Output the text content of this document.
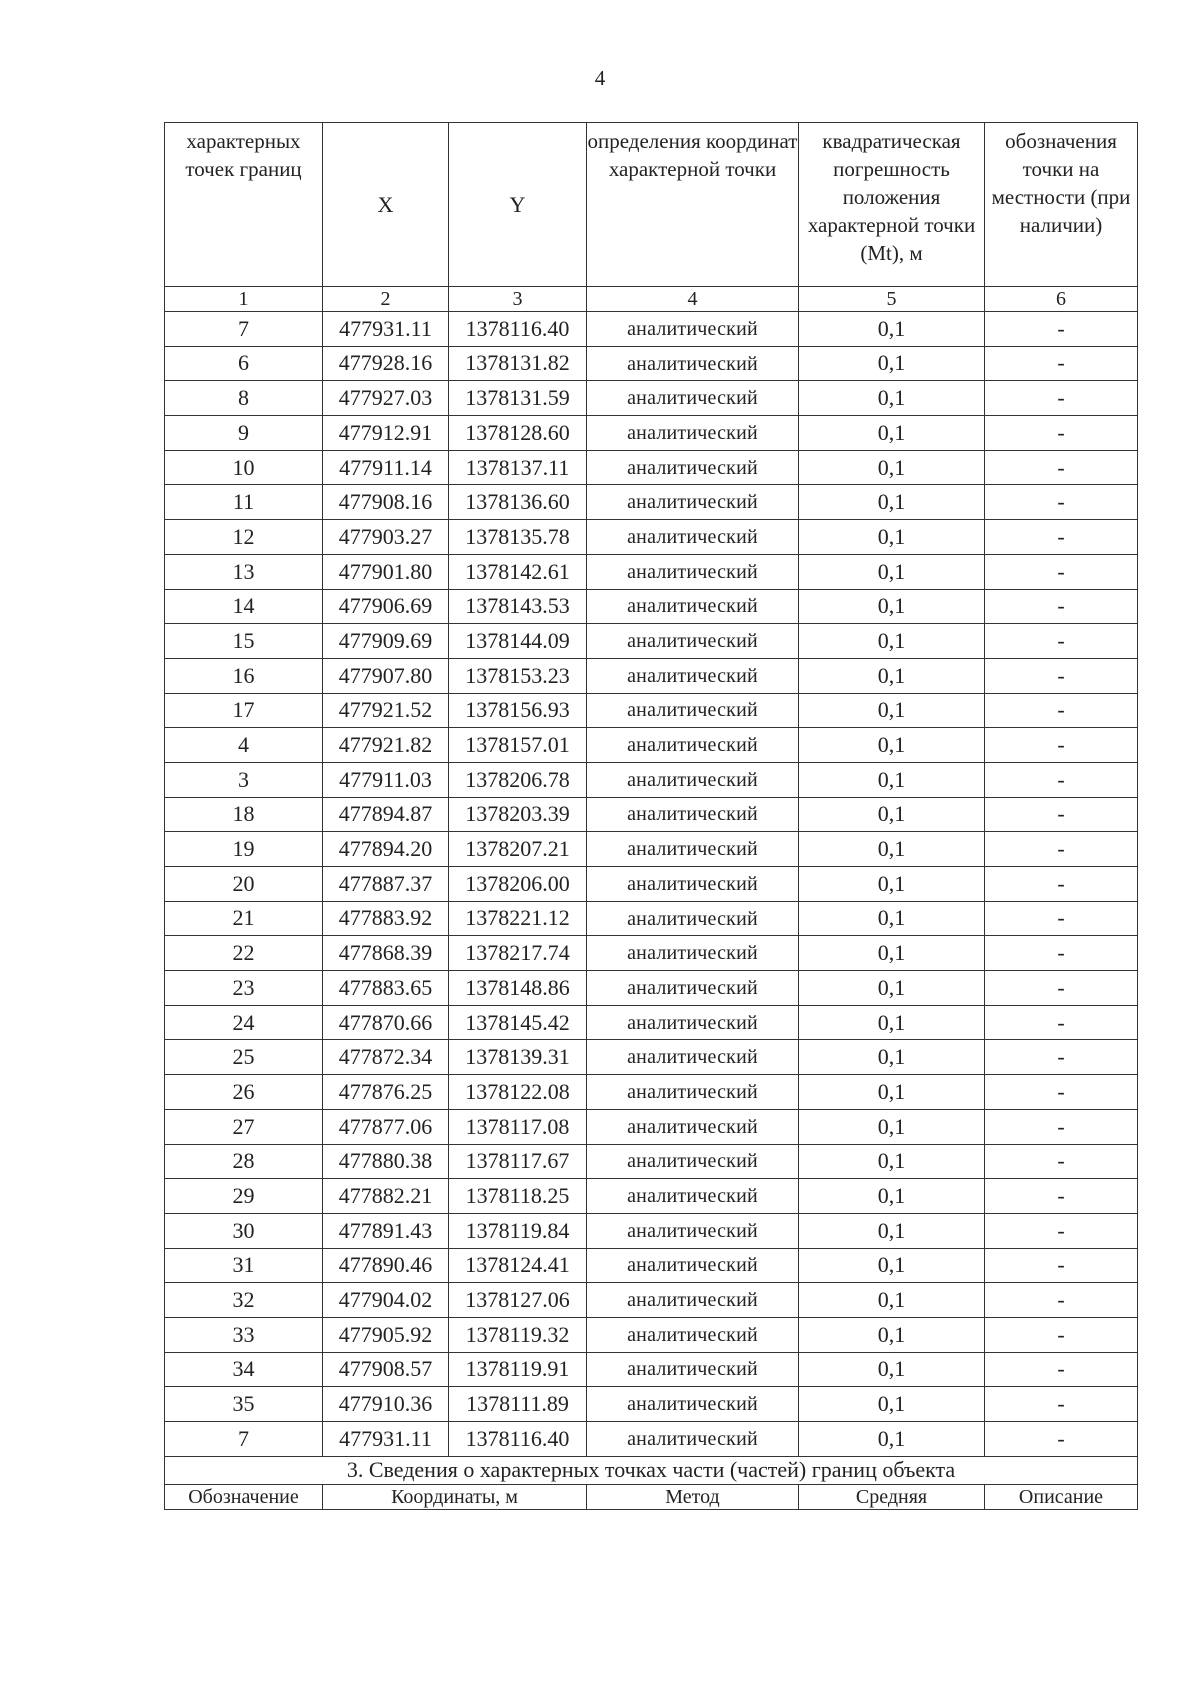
4
характерных точек границ	X	Y	определения координат характерной точки	квадратическая погрешность положения характерной точки (Mt), м	обозначения точки на местности (при наличии)
1	2	3	4	5	6
7	477931.11	1378116.40	аналитический	0,1	-
6	477928.16	1378131.82	аналитический	0,1	-
8	477927.03	1378131.59	аналитический	0,1	-
9	477912.91	1378128.60	аналитический	0,1	-
10	477911.14	1378137.11	аналитический	0,1	-
11	477908.16	1378136.60	аналитический	0,1	-
12	477903.27	1378135.78	аналитический	0,1	-
13	477901.80	1378142.61	аналитический	0,1	-
14	477906.69	1378143.53	аналитический	0,1	-
15	477909.69	1378144.09	аналитический	0,1	-
16	477907.80	1378153.23	аналитический	0,1	-
17	477921.52	1378156.93	аналитический	0,1	-
4	477921.82	1378157.01	аналитический	0,1	-
3	477911.03	1378206.78	аналитический	0,1	-
18	477894.87	1378203.39	аналитический	0,1	-
19	477894.20	1378207.21	аналитический	0,1	-
20	477887.37	1378206.00	аналитический	0,1	-
21	477883.92	1378221.12	аналитический	0,1	-
22	477868.39	1378217.74	аналитический	0,1	-
23	477883.65	1378148.86	аналитический	0,1	-
24	477870.66	1378145.42	аналитический	0,1	-
25	477872.34	1378139.31	аналитический	0,1	-
26	477876.25	1378122.08	аналитический	0,1	-
27	477877.06	1378117.08	аналитический	0,1	-
28	477880.38	1378117.67	аналитический	0,1	-
29	477882.21	1378118.25	аналитический	0,1	-
30	477891.43	1378119.84	аналитический	0,1	-
31	477890.46	1378124.41	аналитический	0,1	-
32	477904.02	1378127.06	аналитический	0,1	-
33	477905.92	1378119.32	аналитический	0,1	-
34	477908.57	1378119.91	аналитический	0,1	-
35	477910.36	1378111.89	аналитический	0,1	-
7	477931.11	1378116.40	аналитический	0,1	-
3. Сведения о характерных точках части (частей) границ объекта					
Обозначение	Координаты, м		Метод	Средняя	Описание
